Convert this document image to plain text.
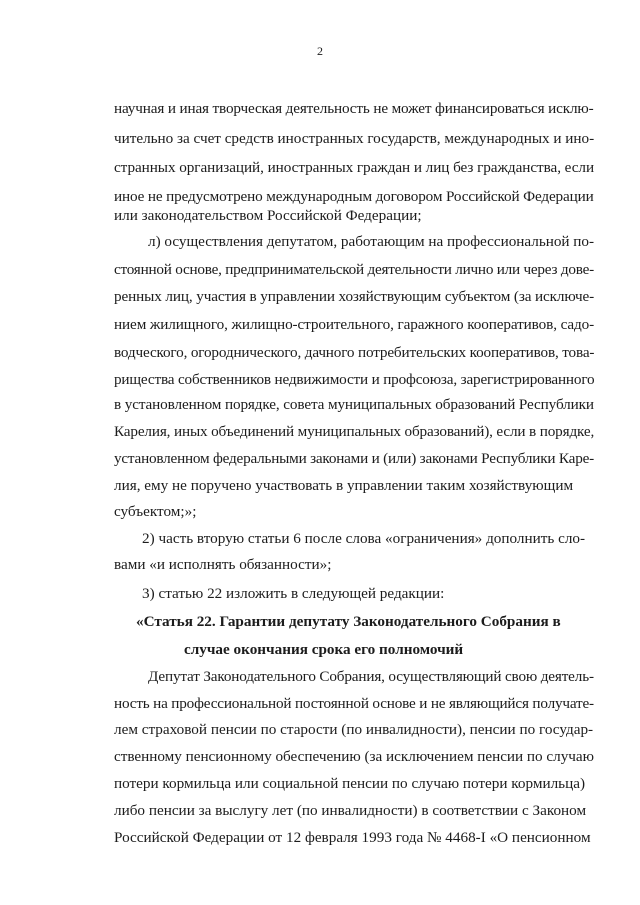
2

научная и иная творческая деятельность не может финансироваться исклю-

чительно за счет средств иностранных государств, международных и ино-

странных организаций, иностранных граждан и лиц без гражданства, если

иное не предусмотрено международным договором Российской Федерации

или законодательством Российской Федерации;

л) осуществления депутатом, работающим на профессиональной по-

стоянной основе, предпринимательской деятельности лично или через дове-

ренных лиц, участия в управлении хозяйствующим субъектом (за исключе-

нием жилищного, жилищно-строительного, гаражного кооперативов, садо-

водческого, огороднического, дачного потребительских кооперативов, това-

рищества собственников недвижимости и профсоюза, зарегистрированного

в установленном порядке, совета муниципальных образований Республики

Карелия, иных объединений муниципальных образований), если в порядке,

установленном федеральными законами и (или) законами Республики Каре-

лия, ему не поручено участвовать в управлении таким хозяйствующим

субъектом;»;

2) часть вторую статьи 6 после слова «ограничения» дополнить сло-

вами «и исполнять обязанности»;

3) статью 22 изложить в следующей редакции:

«Статья 22. Гарантии депутату Законодательного Собрания в

случае окончания срока его полномочий

Депутат Законодательного Собрания, осуществляющий свою деятель-

ность на профессиональной постоянной основе и не являющийся получате-

лем страховой пенсии по старости (по инвалидности), пенсии по государ-

ственному пенсионному обеспечению (за исключением пенсии по случаю

потери кормильца или социальной пенсии по случаю потери кормильца)

либо пенсии за выслугу лет (по инвалидности) в соответствии с Законом

Российской Федерации от 12 февраля 1993 года № 4468-I «О пенсионном
